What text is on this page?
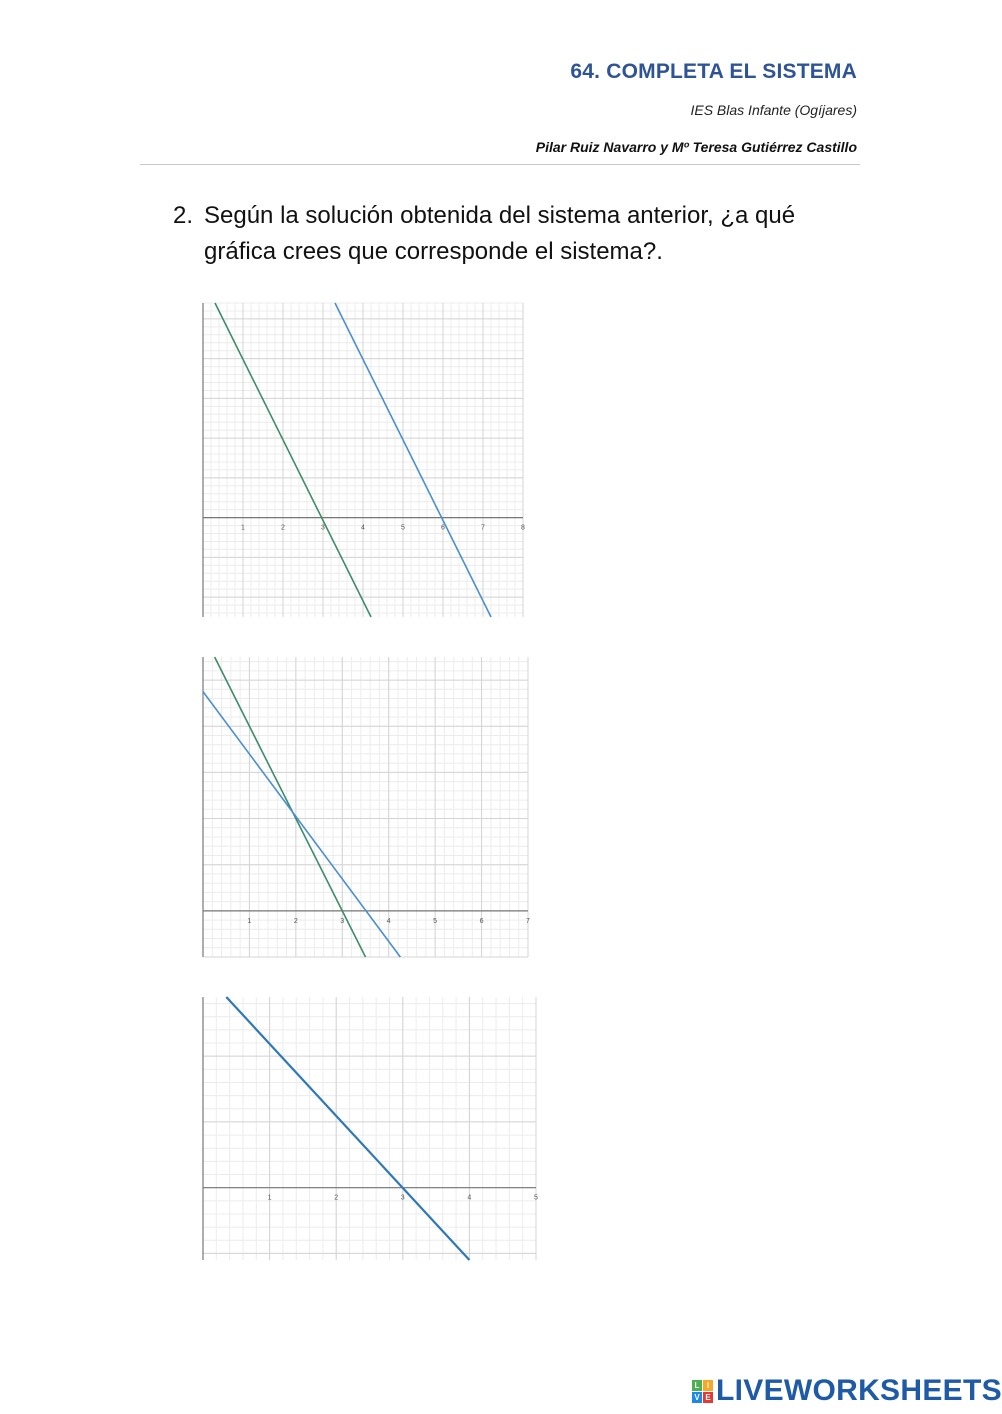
64. COMPLETA EL SISTEMA
IES Blas Infante (Ogíjares)
Pilar Ruiz Navarro y Mº Teresa Gutiérrez Castillo
2. Según la solución obtenida del sistema anterior, ¿a qué gráfica crees que corresponde el sistema?.
1	2	3	4	5	6	7	8
1	2	3	4	5	6	7
1	2	3	4	5
L I
V E LIVEWORKSHEETS
